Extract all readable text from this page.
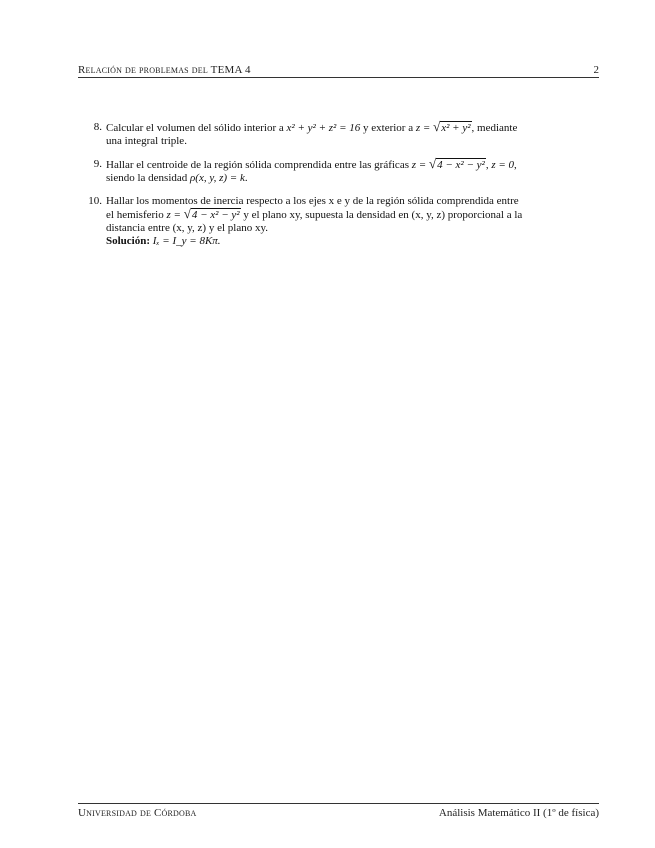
Relación de problemas del TEMA 4	2
8. Calcular el volumen del sólido interior a x² + y² + z² = 16 y exterior a z = √ x² + y² , mediante
una integral triple.
9. Hallar el centroide de la región sólida comprendida entre las gráficas z = √ 4 − x² − y² , z = 0,
siendo la densidad ρ(x, y, z) = k.
10. Hallar los momentos de inercia respecto a los ejes x e y de la región sólida comprendida entre
el hemisferio z = √ 4 − x² − y² y el plano xy, supuesta la densidad en (x, y, z) proporcional a la
distancia entre (x, y, z) y el plano xy.
Solución: Iₓ = I_y = 8Kπ.
Universidad de Córdoba	Análisis Matemático II (1º de física)
